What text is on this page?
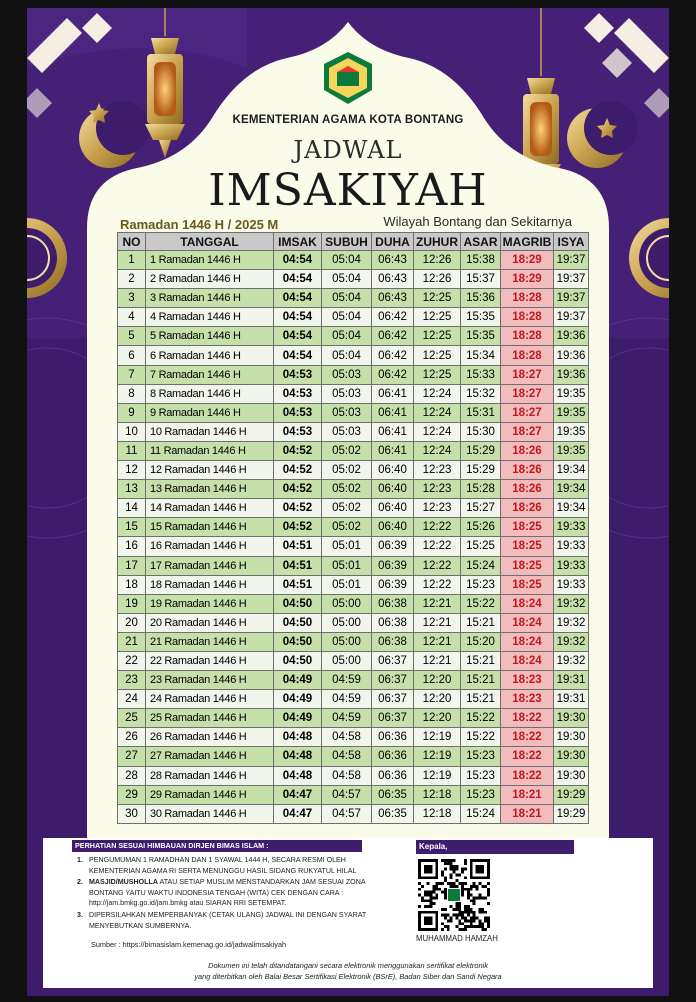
KEMENTERIAN AGAMA KOTA BONTANG
JADWAL
IMSAKIYAH
Ramadan 1446 H / 2025 M	Wilayah Bontang dan Sekitarnya
NO	TANGGAL	IMSAK	SUBUH	DUHA	ZUHUR	ASAR	MAGRIB	ISYA
1	1 Ramadan 1446 H	04:54	05:04	06:43	12:26	15:38	18:29	19:37
2	2 Ramadan 1446 H	04:54	05:04	06:43	12:26	15:37	18:29	19:37
3	3 Ramadan 1446 H	04:54	05:04	06:43	12:25	15:36	18:28	19:37
4	4 Ramadan 1446 H	04:54	05:04	06:42	12:25	15:35	18:28	19:37
5	5 Ramadan 1446 H	04:54	05:04	06:42	12:25	15:35	18:28	19:36
6	6 Ramadan 1446 H	04:54	05:04	06:42	12:25	15:34	18:28	19:36
7	7 Ramadan 1446 H	04:53	05:03	06:42	12:25	15:33	18:27	19:36
8	8 Ramadan 1446 H	04:53	05:03	06:41	12:24	15:32	18:27	19:35
9	9 Ramadan 1446 H	04:53	05:03	06:41	12:24	15:31	18:27	19:35
10	10 Ramadan 1446 H	04:53	05:03	06:41	12:24	15:30	18:27	19:35
11	11 Ramadan 1446 H	04:52	05:02	06:41	12:24	15:29	18:26	19:35
12	12 Ramadan 1446 H	04:52	05:02	06:40	12:23	15:29	18:26	19:34
13	13 Ramadan 1446 H	04:52	05:02	06:40	12:23	15:28	18:26	19:34
14	14 Ramadan 1446 H	04:52	05:02	06:40	12:23	15:27	18:26	19:34
15	15 Ramadan 1446 H	04:52	05:02	06:40	12:22	15:26	18:25	19:33
16	16 Ramadan 1446 H	04:51	05:01	06:39	12:22	15:25	18:25	19:33
17	17 Ramadan 1446 H	04:51	05:01	06:39	12:22	15:24	18:25	19:33
18	18 Ramadan 1446 H	04:51	05:01	06:39	12:22	15:23	18:25	19:33
19	19 Ramadan 1446 H	04:50	05:00	06:38	12:21	15:22	18:24	19:32
20	20 Ramadan 1446 H	04:50	05:00	06:38	12:21	15:21	18:24	19:32
21	21 Ramadan 1446 H	04:50	05:00	06:38	12:21	15:20	18:24	19:32
22	22 Ramadan 1446 H	04:50	05:00	06:37	12:21	15:21	18:24	19:32
23	23 Ramadan 1446 H	04:49	04:59	06:37	12:20	15:21	18:23	19:31
24	24 Ramadan 1446 H	04:49	04:59	06:37	12:20	15:21	18:23	19:31
25	25 Ramadan 1446 H	04:49	04:59	06:37	12:20	15:22	18:22	19:30
26	26 Ramadan 1446 H	04:48	04:58	06:36	12:19	15:22	18:22	19:30
27	27 Ramadan 1446 H	04:48	04:58	06:36	12:19	15:23	18:22	19:30
28	28 Ramadan 1446 H	04:48	04:58	06:36	12:19	15:23	18:22	19:30
29	29 Ramadan 1446 H	04:47	04:57	06:35	12:18	15:23	18:21	19:29
30	30 Ramadan 1446 H	04:47	04:57	06:35	12:18	15:24	18:21	19:29
PERHATIAN SESUAI HIMBAUAN DIRJEN BIMAS ISLAM :
1. PENGUMUMAN 1 RAMADHAN DAN 1 SYAWAL 1444 H, SECARA RESMI OLEH KEMENTERIAN AGAMA RI SERTA MENUNGGU HASIL SIDANG RUKYATUL HILAL
2. MASJID/MUSHOLLA ATAU SETIAP MUSLIM MENSTANDARKAN JAM SESUAI ZONA BONTANG YAITU WAKTU INDONESIA TENGAH (WITA) CEK DENGAN CARA : http://jam.bmkg.go.id/jam.bmkg atau SIARAN RRI SETEMPAT.
3. DIPERSILAHKAN MEMPERBANYAK (CETAK ULANG) JADWAL INI DENGAN SYARAT MENYEBUTKAN SUMBERNYA.
Sumber : https://bimasislam.kemenag.go.id/jadwalimsakiyah
Kepala,
MUHAMMAD HAMZAH
Dokumen ini telah ditandatangani secara elektronik menggunakan sertifikat elektronik
yang diterbitkan oleh Balai Besar Sertifikasi Elektronik (BSrE), Badan Siber dan Sandi Negara
